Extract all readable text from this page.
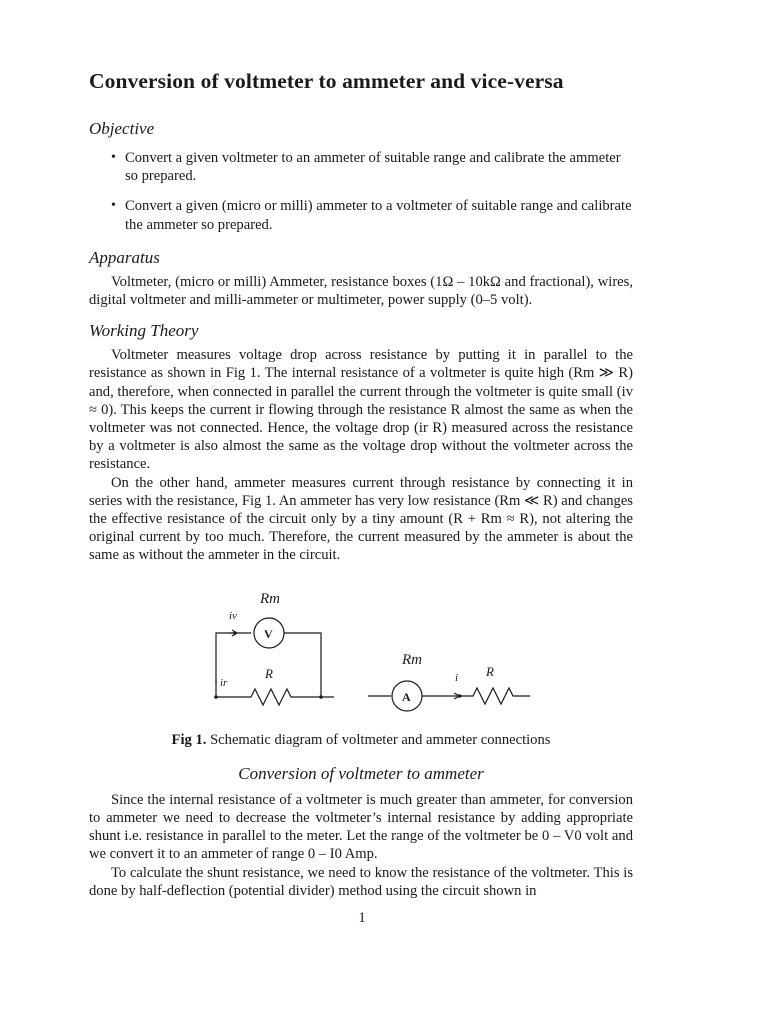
Conversion of voltmeter to ammeter and vice-versa
Objective
• Convert a given voltmeter to an ammeter of suitable range and calibrate the ammeter so prepared.
• Convert a given (micro or milli) ammeter to a voltmeter of suitable range and calibrate the ammeter so prepared.
Apparatus

Voltmeter, (micro or milli) Ammeter, resistance boxes (1Ω – 10kΩ and fractional), wires, digital voltmeter and milli-ammeter or multimeter, power supply (0–5 volt).

Working Theory

Voltmeter measures voltage drop across resistance by putting it in parallel to the resistance as shown in Fig 1. The internal resistance of a voltmeter is quite high (Rm ≫ R) and, therefore, when connected in parallel the current through the voltmeter is quite small (iv ≈ 0). This keeps the current ir flowing through the resistance R almost the same as when the voltmeter was not connected. Hence, the voltage drop (ir R) measured across the resistance by a voltmeter is also almost the same as the voltage drop without the voltmeter across the resistance.

On the other hand, ammeter measures current through resistance by connecting it in series with the resistance, Fig 1. An ammeter has very low resistance (Rm ≪ R) and changes the effective resistance of the circuit only by a tiny amount (R + Rm ≈ R), not altering the original current by too much. Therefore, the current measured by the ammeter is about the same as without the ammeter in the circuit.

Rm
iv
V
ir
R
Rm
i R
A
Fig 1. Schematic diagram of voltmeter and ammeter connections
Conversion of voltmeter to ammeter

Since the internal resistance of a voltmeter is much greater than ammeter, for conversion to ammeter we need to decrease the voltmeter’s internal resistance by adding appropriate shunt i.e. resistance in parallel to the meter. Let the range of the voltmeter be 0 – V0 volt and we convert it to an ammeter of range 0 – I0 Amp.

To calculate the shunt resistance, we need to know the resistance of the voltmeter. This is done by half-deflection (potential divider) method using the circuit shown in

1
